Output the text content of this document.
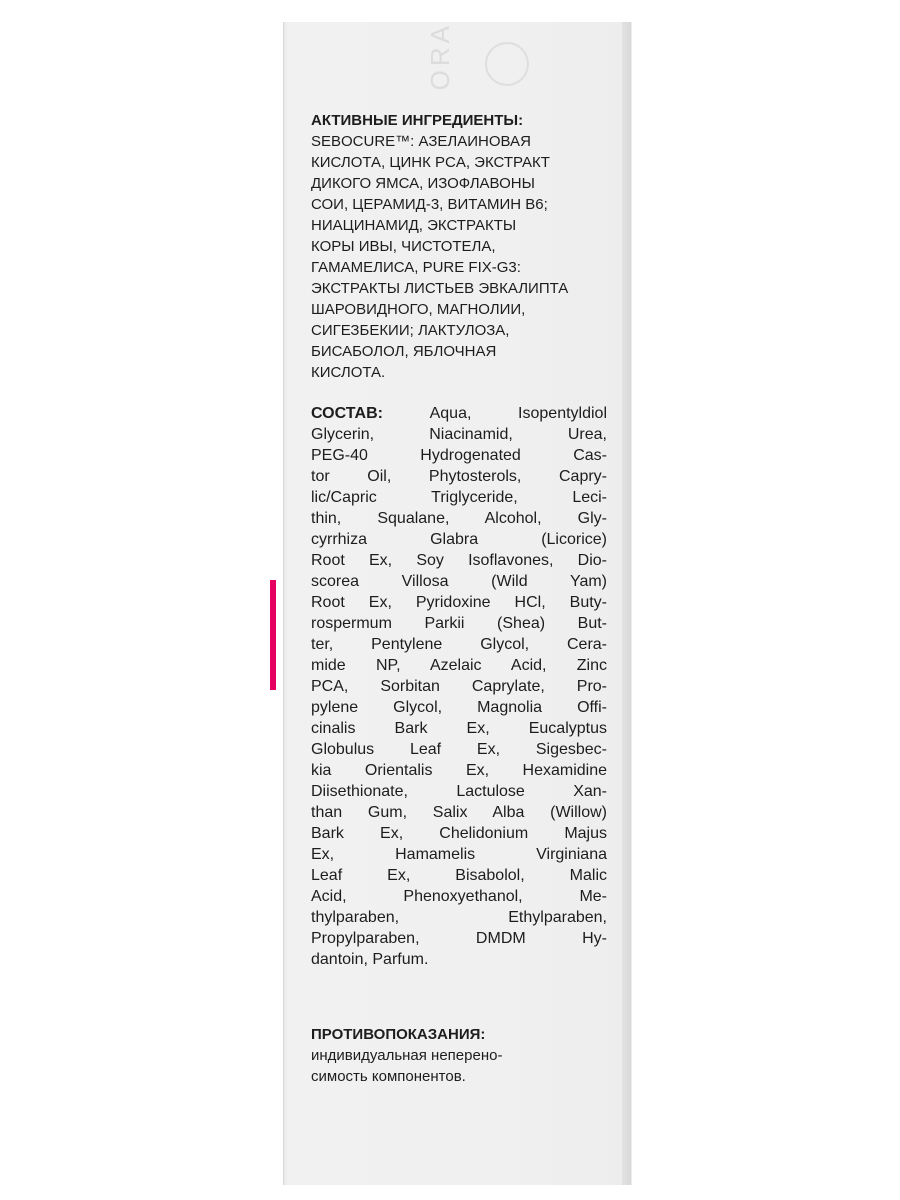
ORA
АКТИВНЫЕ ИНГРЕДИЕНТЫ:
SEBOCURE™: АЗЕЛАИНОВАЯ
КИСЛОТА, ЦИНК PCA, ЭКСТРАКТ
ДИКОГО ЯМСА, ИЗОФЛАВОНЫ
СОИ, ЦЕРАМИД-3, ВИТАМИН В6;
НИАЦИНАМИД, ЭКСТРАКТЫ
КОРЫ ИВЫ, ЧИСТОТЕЛА,
ГАМАМЕЛИСА, PURE FIX-G3:
ЭКСТРАКТЫ ЛИСТЬЕВ ЭВКАЛИПТА
ШАРОВИДНОГО, МАГНОЛИИ,
СИГЕЗБЕКИИ; ЛАКТУЛОЗА,
БИСАБОЛОЛ, ЯБЛОЧНАЯ
КИСЛОТА.
СОСТАВ:	Aqua, Isopentyldiol
Glycerin, Niacinamid, Urea,
PEG-40 Hydrogenated Cas-
tor Oil, Phytosterols, Capry-
lic/Capric Triglyceride, Leci-
thin, Squalane, Alcohol, Gly-
cyrrhiza Glabra (Licorice)
Root Ex, Soy Isoflavones, Dio-
scorea Villosa (Wild Yam)
Root Ex, Pyridoxine HCl, Buty-
rospermum Parkii (Shea) But-
ter, Pentylene Glycol, Cera-
mide NP, Azelaic Acid, Zinc
PCA, Sorbitan Caprylate, Pro-
pylene Glycol, Magnolia Offi-
cinalis Bark Ex, Eucalyptus
Globulus Leaf Ex, Sigesbec-
kia Orientalis Ex, Hexamidine
Diisethionate, Lactulose Xan-
than Gum, Salix Alba (Willow)
Bark Ex, Chelidonium Majus
Ex, Hamamelis Virginiana
Leaf Ex, Bisabolol, Malic
Acid, Phenoxyethanol, Me-
thylparaben, Ethylparaben,
Propylparaben, DMDM Hy-
dantoin, Parfum.
ПРОТИВОПОКАЗАНИЯ:
индивидуальная неперено-
симость компонентов.
